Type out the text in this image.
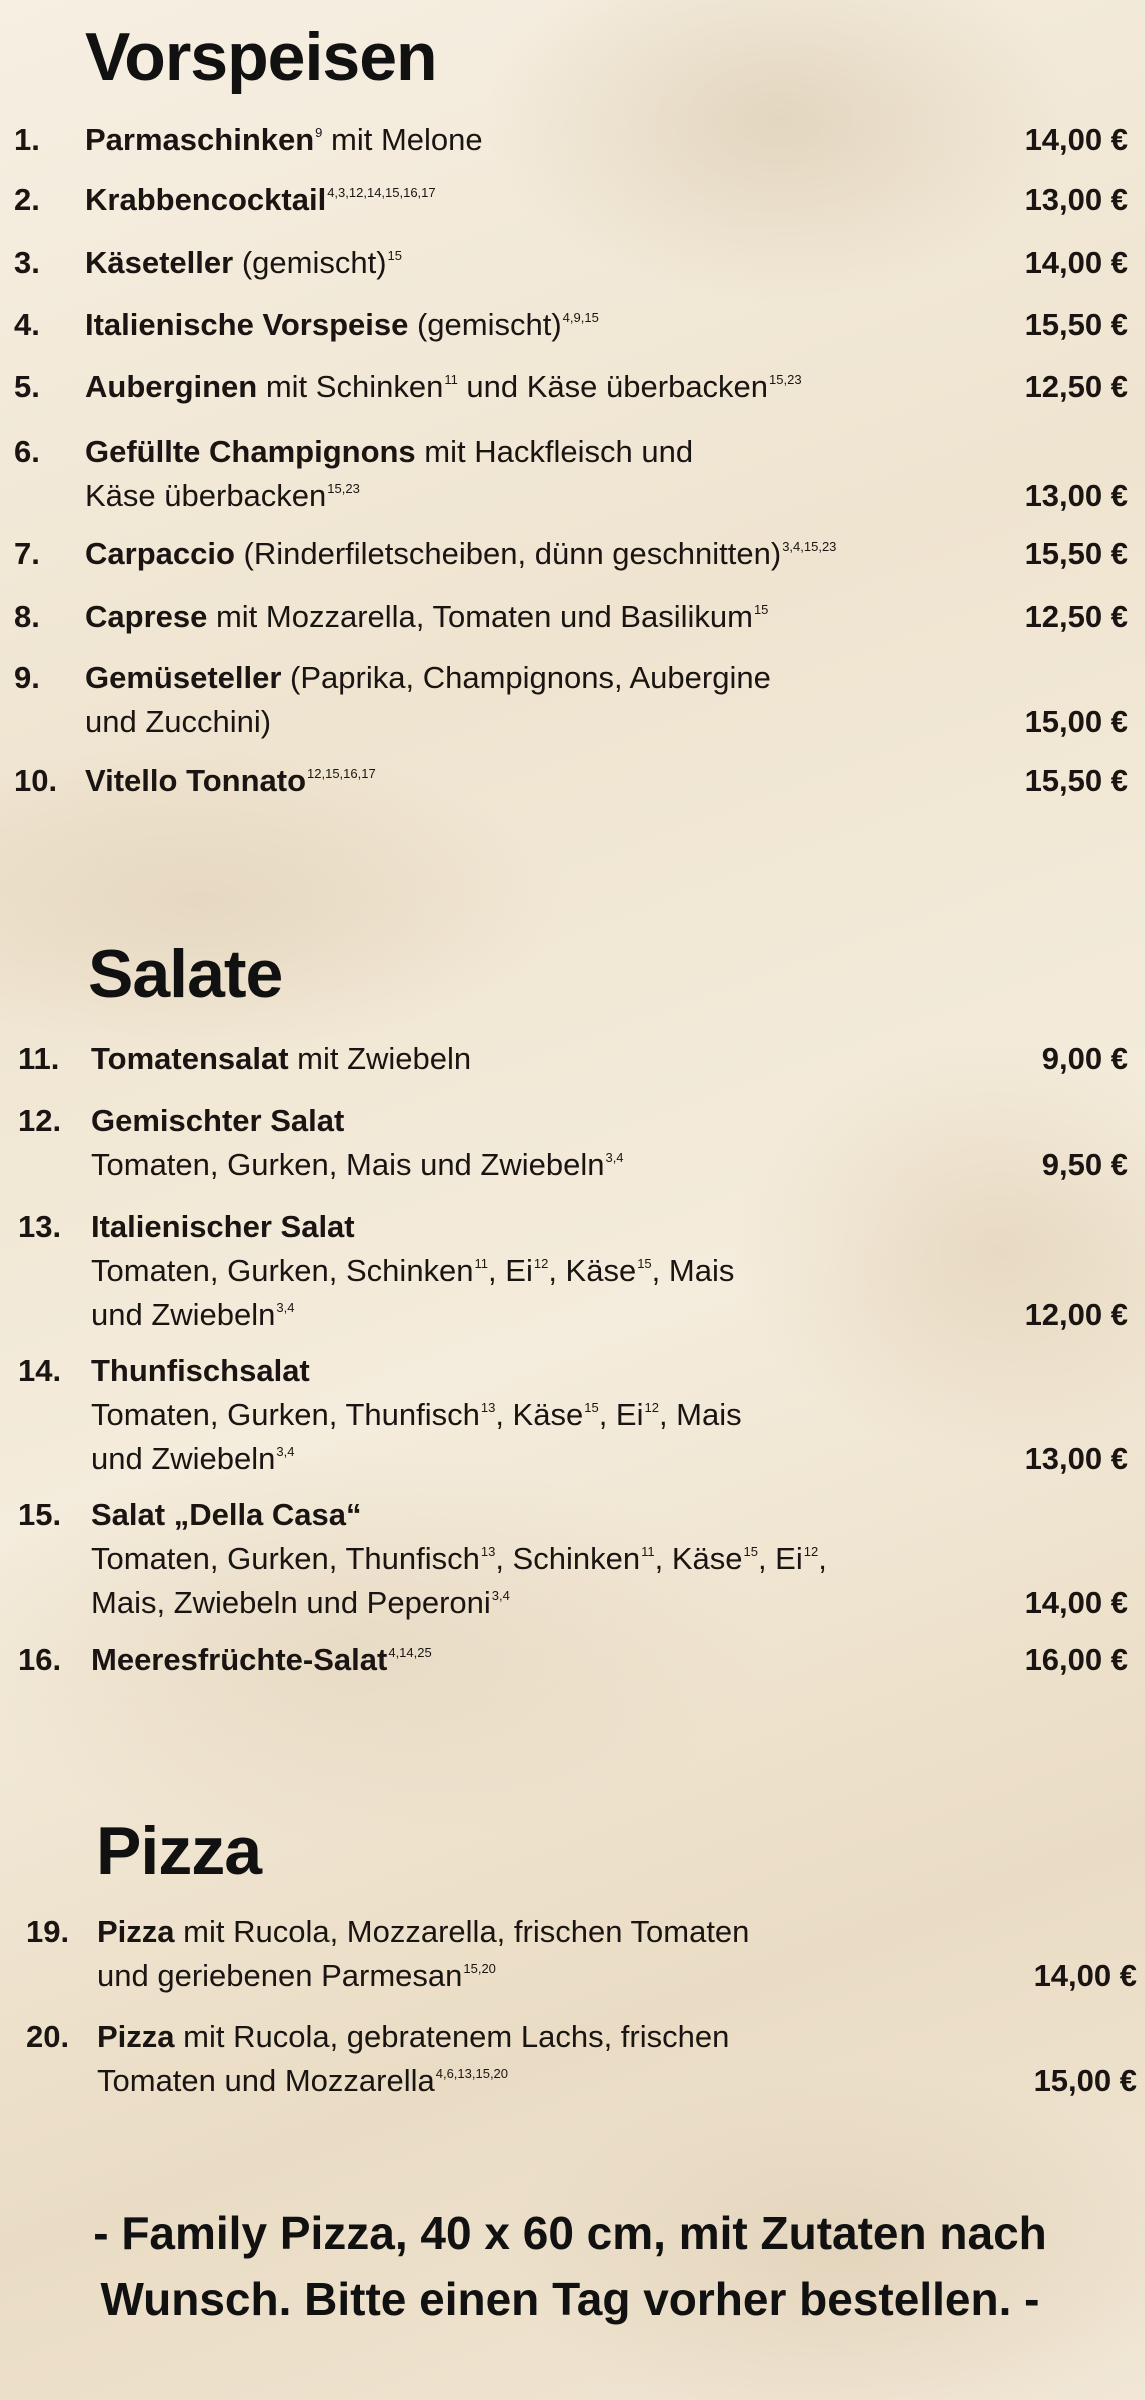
Vorspeisen
1. Parmaschinken$^9$ mit Melone	14,00 €
2. Krabbencocktail$^{4,3,12,14,15,16,17}$	13,00 €
3. Käseteller (gemischt)$^{15}$	14,00 €
4. Italienische Vorspeise (gemischt)$^{4,9,15}$	15,50 €
5. Auberginen mit Schinken$^{11}$ und Käse überbacken$^{15,23}$	12,50 €
6. Gefüllte Champignons mit Hackfleisch und
Käse überbacken$^{15,23}$	13,00 €
7. Carpaccio (Rinderfiletscheiben, dünn geschnitten)$^{3,4,15,23}$	15,50 €
8. Caprese mit Mozzarella, Tomaten und Basilikum$^{15}$	12,50 €
9. Gemüseteller (Paprika, Champignons, Aubergine
und Zucchini)	15,00 €
10. Vitello Tonnato$^{12,15,16,17}$	15,50 €
Salate
11. Tomatensalat mit Zwiebeln	9,00 €
12. Gemischter Salat
Tomaten, Gurken, Mais und Zwiebeln$^{3,4}$	9,50 €
13. Italienischer Salat
Tomaten, Gurken, Schinken$^{11}$, Ei$^{12}$, Käse$^{15}$, Mais
und Zwiebeln$^{3,4}$	12,00 €
14. Thunfischsalat
Tomaten, Gurken, Thunfisch$^{13}$, Käse$^{15}$, Ei$^{12}$, Mais
und Zwiebeln$^{3,4}$	13,00 €
15. Salat „Della Casa“
Tomaten, Gurken, Thunfisch$^{13}$, Schinken$^{11}$, Käse$^{15}$, Ei$^{12}$,
Mais, Zwiebeln und Peperoni$^{3,4}$	14,00 €
16. Meeresfrüchte-Salat$^{4,14,25}$	16,00 €
Pizza
19. Pizza mit Rucola, Mozzarella, frischen Tomaten
und geriebenen Parmesan$^{15,20}$	14,00 €
20. Pizza mit Rucola, gebratenem Lachs, frischen
Tomaten und Mozzarella$^{4,6,13,15,20}$	15,00 €
- Family Pizza, 40 x 60 cm, mit Zutaten nach
Wunsch. Bitte einen Tag vorher bestellen. -
